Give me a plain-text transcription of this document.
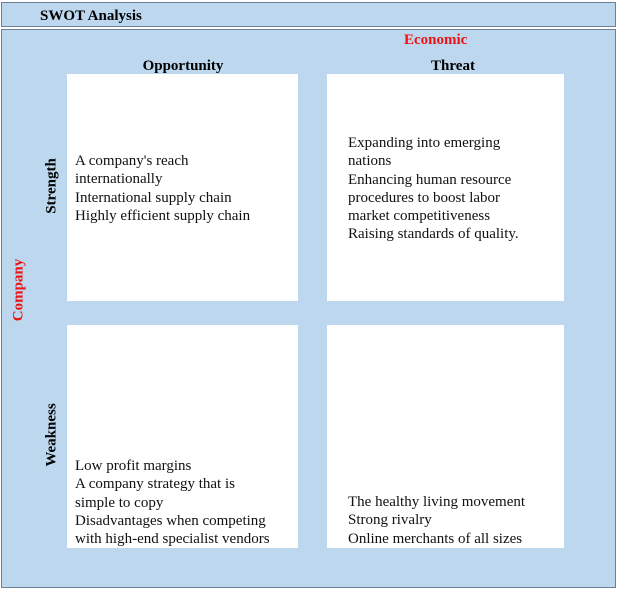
SWOT Analysis
Economic
Company
Opportunity	Threat
Strength
Weakness
A company's reach
internationally
International supply chain
Highly efficient supply chain
Expanding into emerging
nations
Enhancing human resource
procedures to boost labor
market competitiveness
Raising standards of quality.
Low profit margins
A company strategy that is
simple to copy
Disadvantages when competing
with high-end specialist vendors
The healthy living movement
Strong rivalry
Online merchants of all sizes
